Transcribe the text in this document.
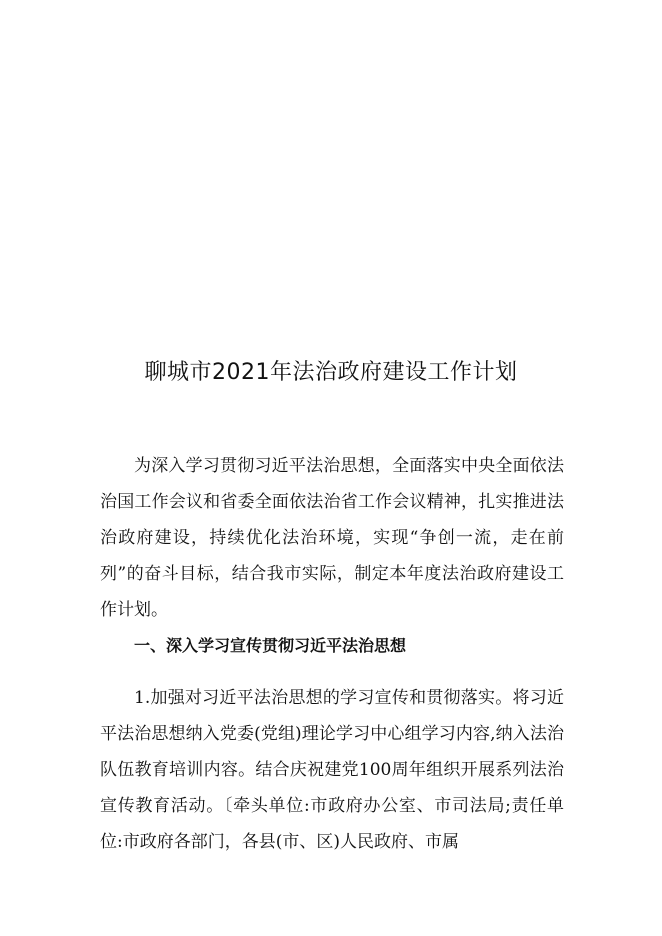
聊城市2021年法治政府建设工作计划

为深入学习贯彻习近平法治思想，全面落实中央全面依法治国工作会议和省委全面依法治省工作会议精神，扎实推进法治政府建设，持续优化法治环境，实现“争创一流，走在前列”的奋斗目标，结合我市实际，制定本年度法治政府建设工作计划。

一、深入学习宣传贯彻习近平法治思想

1.加强对习近平法治思想的学习宣传和贯彻落实。将习近平法治思想纳入党委(党组)理论学习中心组学习内容,纳入法治队伍教育培训内容。结合庆祝建党100周年组织开展系列法治宣传教育活动。〔牵头单位:市政府办公室、市司法局;责任单位:市政府各部门，各县(市、区)人民政府、市属
